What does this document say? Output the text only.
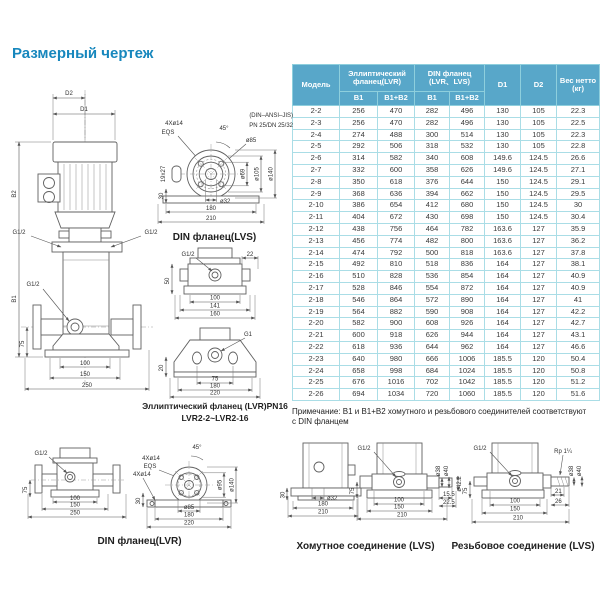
Размерный чертеж
Модель	Эллиптический фланец(LVR)		DIN фланец (LVR、LVS)		D1	D2	Вес нетто (кг)
	B1	B1+B2	B1	B1+B2			
2-2	256	470	282	496	130	105	22.3
2-3	256	470	282	496	130	105	22.5
2-4	274	488	300	514	130	105	22.3
2-5	292	506	318	532	130	105	22.8
2-6	314	582	340	608	149.6	124.5	26.6
2-7	332	600	358	626	149.6	124.5	27.1
2-8	350	618	376	644	150	124.5	29.1
2-9	368	636	394	662	150	124.5	29.5
2-10	386	654	412	680	150	124.5	30
2-11	404	672	430	698	150	124.5	30.4
2-12	438	756	464	782	163.6	127	35.9
2-13	456	774	482	800	163.6	127	36.2
2-14	474	792	500	818	163.6	127	37.8
2-15	492	810	518	836	164	127	38.1
2-16	510	828	536	854	164	127	40.9
2-17	528	846	554	872	164	127	40.9
2-18	546	864	572	890	164	127	41
2-19	564	882	590	908	164	127	42.2
2-20	582	900	608	926	164	127	42.7
2-21	600	918	626	944	164	127	43.1
2-22	618	936	644	962	164	127	46.6
2-23	640	980	666	1006	185.5	120	50.4
2-24	658	998	684	1024	185.5	120	50.8
2-25	676	1016	702	1042	185.5	120	51.2
2-26	694	1034	720	1060	185.5	120	51.6
Примечание: B1 и B1+B2 хомутного и резьбового соединителей соответствуют с DIN фланцем
D2
D1
G1/2	G1/2
G1/2
B2
B1
75
100
150
250
(DIN–ANSI–JIS)
PN 25/DN 25/32
4Xø14
EQS
45°
ø85
19x27
30
ø32
180
210
ø69 ø105 ø140
DIN фланец(LVS)
G1/2	22
50
100
141
160
G1
20
75
180
220
Эллиптический фланец (LVR)PN16
LVR2-2~LVR2-16
G1/2
75
100
150
250
45°
4Xø14
EQS
4Xø14
30
ø95 ø140
ø85
180
220
DIN фланец(LVR)
30
ø32
180
210
G1/2
75
ø38 ø40
ø42.2
15.5
22.5
100
150
210
Хомутное соединение (LVS)
G1/2	Rp 1¼
75
ø38 ø40
21
26
100
150
210
Резьбовое соединение (LVS)
